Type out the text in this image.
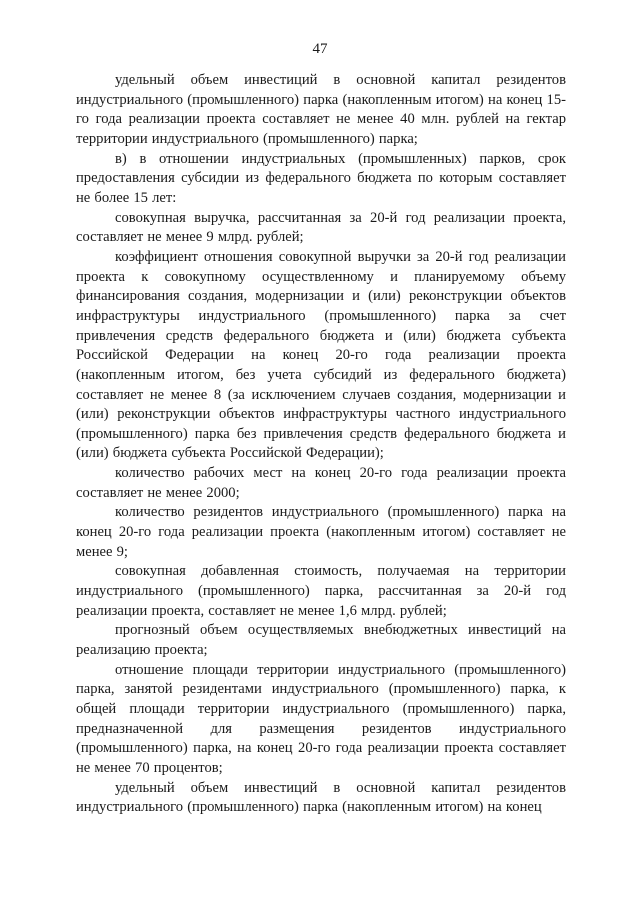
47

удельный объем инвестиций в основной капитал резидентов индустриального (промышленного) парка (накопленным итогом) на конец 15-го года реализации проекта составляет не менее 40 млн. рублей на гектар территории индустриального (промышленного) парка;

в) в отношении индустриальных (промышленных) парков, срок предоставления субсидии из федерального бюджета по которым составляет не более 15 лет:

совокупная выручка, рассчитанная за 20-й год реализации проекта, составляет не менее 9 млрд. рублей;

коэффициент отношения совокупной выручки за 20-й год реализации проекта к совокупному осуществленному и планируемому объему финансирования создания, модернизации и (или) реконструкции объектов инфраструктуры индустриального (промышленного) парка за счет привлечения средств федерального бюджета и (или) бюджета субъекта Российской Федерации на конец 20-го года реализации проекта (накопленным итогом, без учета субсидий из федерального бюджета) составляет не менее 8 (за исключением случаев создания, модернизации и (или) реконструкции объектов инфраструктуры частного индустриального (промышленного) парка без привлечения средств федерального бюджета и (или) бюджета субъекта Российской Федерации);

количество рабочих мест на конец 20-го года реализации проекта составляет не менее 2000;

количество резидентов индустриального (промышленного) парка на конец 20-го года реализации проекта (накопленным итогом) составляет не менее 9;

совокупная добавленная стоимость, получаемая на территории индустриального (промышленного) парка, рассчитанная за 20-й год реализации проекта, составляет не менее 1,6 млрд. рублей;

прогнозный объем осуществляемых внебюджетных инвестиций на реализацию проекта;

отношение площади территории индустриального (промышленного) парка, занятой резидентами индустриального (промышленного) парка, к общей площади территории индустриального (промышленного) парка, предназначенной для размещения резидентов индустриального (промышленного) парка, на конец 20-го года реализации проекта составляет не менее 70 процентов;

удельный объем инвестиций в основной капитал резидентов индустриального (промышленного) парка (накопленным итогом) на конец
